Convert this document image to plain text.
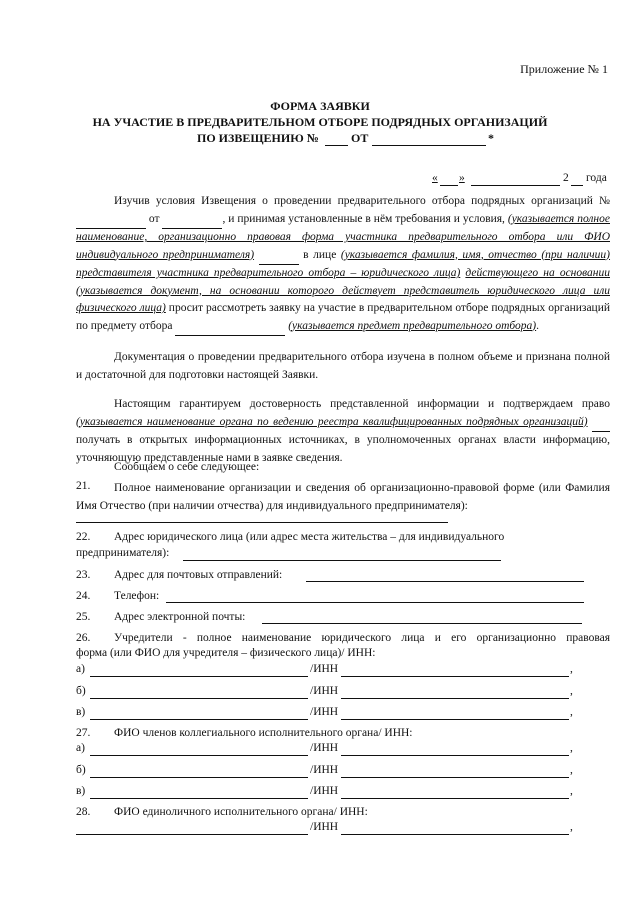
Приложение № 1
ФОРМА ЗАЯВКИ
НА УЧАСТИЕ В ПРЕДВАРИТЕЛЬНОМ ОТБОРЕ ПОДРЯДНЫХ ОРГАНИЗАЦИЙ
ПО ИЗВЕЩЕНИЮ №	ОТ	*
« »	2 года
Изучив условия Извещения о проведении предварительного отбора подрядных организаций №   от	, и принимая установленные в нём требования и условия, (указывается полное наименование, организационно правовая форма участника предварительного отбора или ФИО индивидуального предпринимателя)	в лице (указывается фамилия, имя, отчество (при наличии) представителя участника предварительного отбора – юридического лица) действующего на основании (указывается документ, на основании которого действует представитель юридического лица или физического лица) просит рассмотреть заявку на участие в предварительном отборе подрядных организаций по предмету отбора	(указывается предмет предварительного отбора).
Документация о проведении предварительного отбора изучена в полном объеме и признана полной и достаточной для подготовки настоящей Заявки.
Настоящим гарантируем достоверность представленной информации и подтверждаем право (указывается наименование органа по ведению реестра квалифицированных подрядных организаций)   получать в открытых информационных источниках, в уполномоченных органах власти информацию, уточняющую представленные нами в заявке сведения.
Сообщаем о себе следующее:
21.	Полное наименование организации и сведения об организационно-правовой форме (или Фамилия Имя Отчество (при наличии отчества) для индивидуального предпринимателя):
22. Адрес юридического лица (или адрес места жительства – для индивидуального
предпринимателя):
23. Адрес для почтовых отправлений:
24. Телефон:
25. Адрес электронной почты:
26. Учредители - полное наименование юридического лица и его организационно правовая
форма (или ФИО для учредителя – физического лица)/ ИНН:
а)	/ИНН	,
б)	/ИНН	,
в)	/ИНН	,
27. ФИО членов коллегиального исполнительного органа/ ИНН:
а)	/ИНН	,
б)	/ИНН	,
в)	/ИНН	,
28. ФИО единоличного исполнительного органа/ ИНН:
/ИНН	,
